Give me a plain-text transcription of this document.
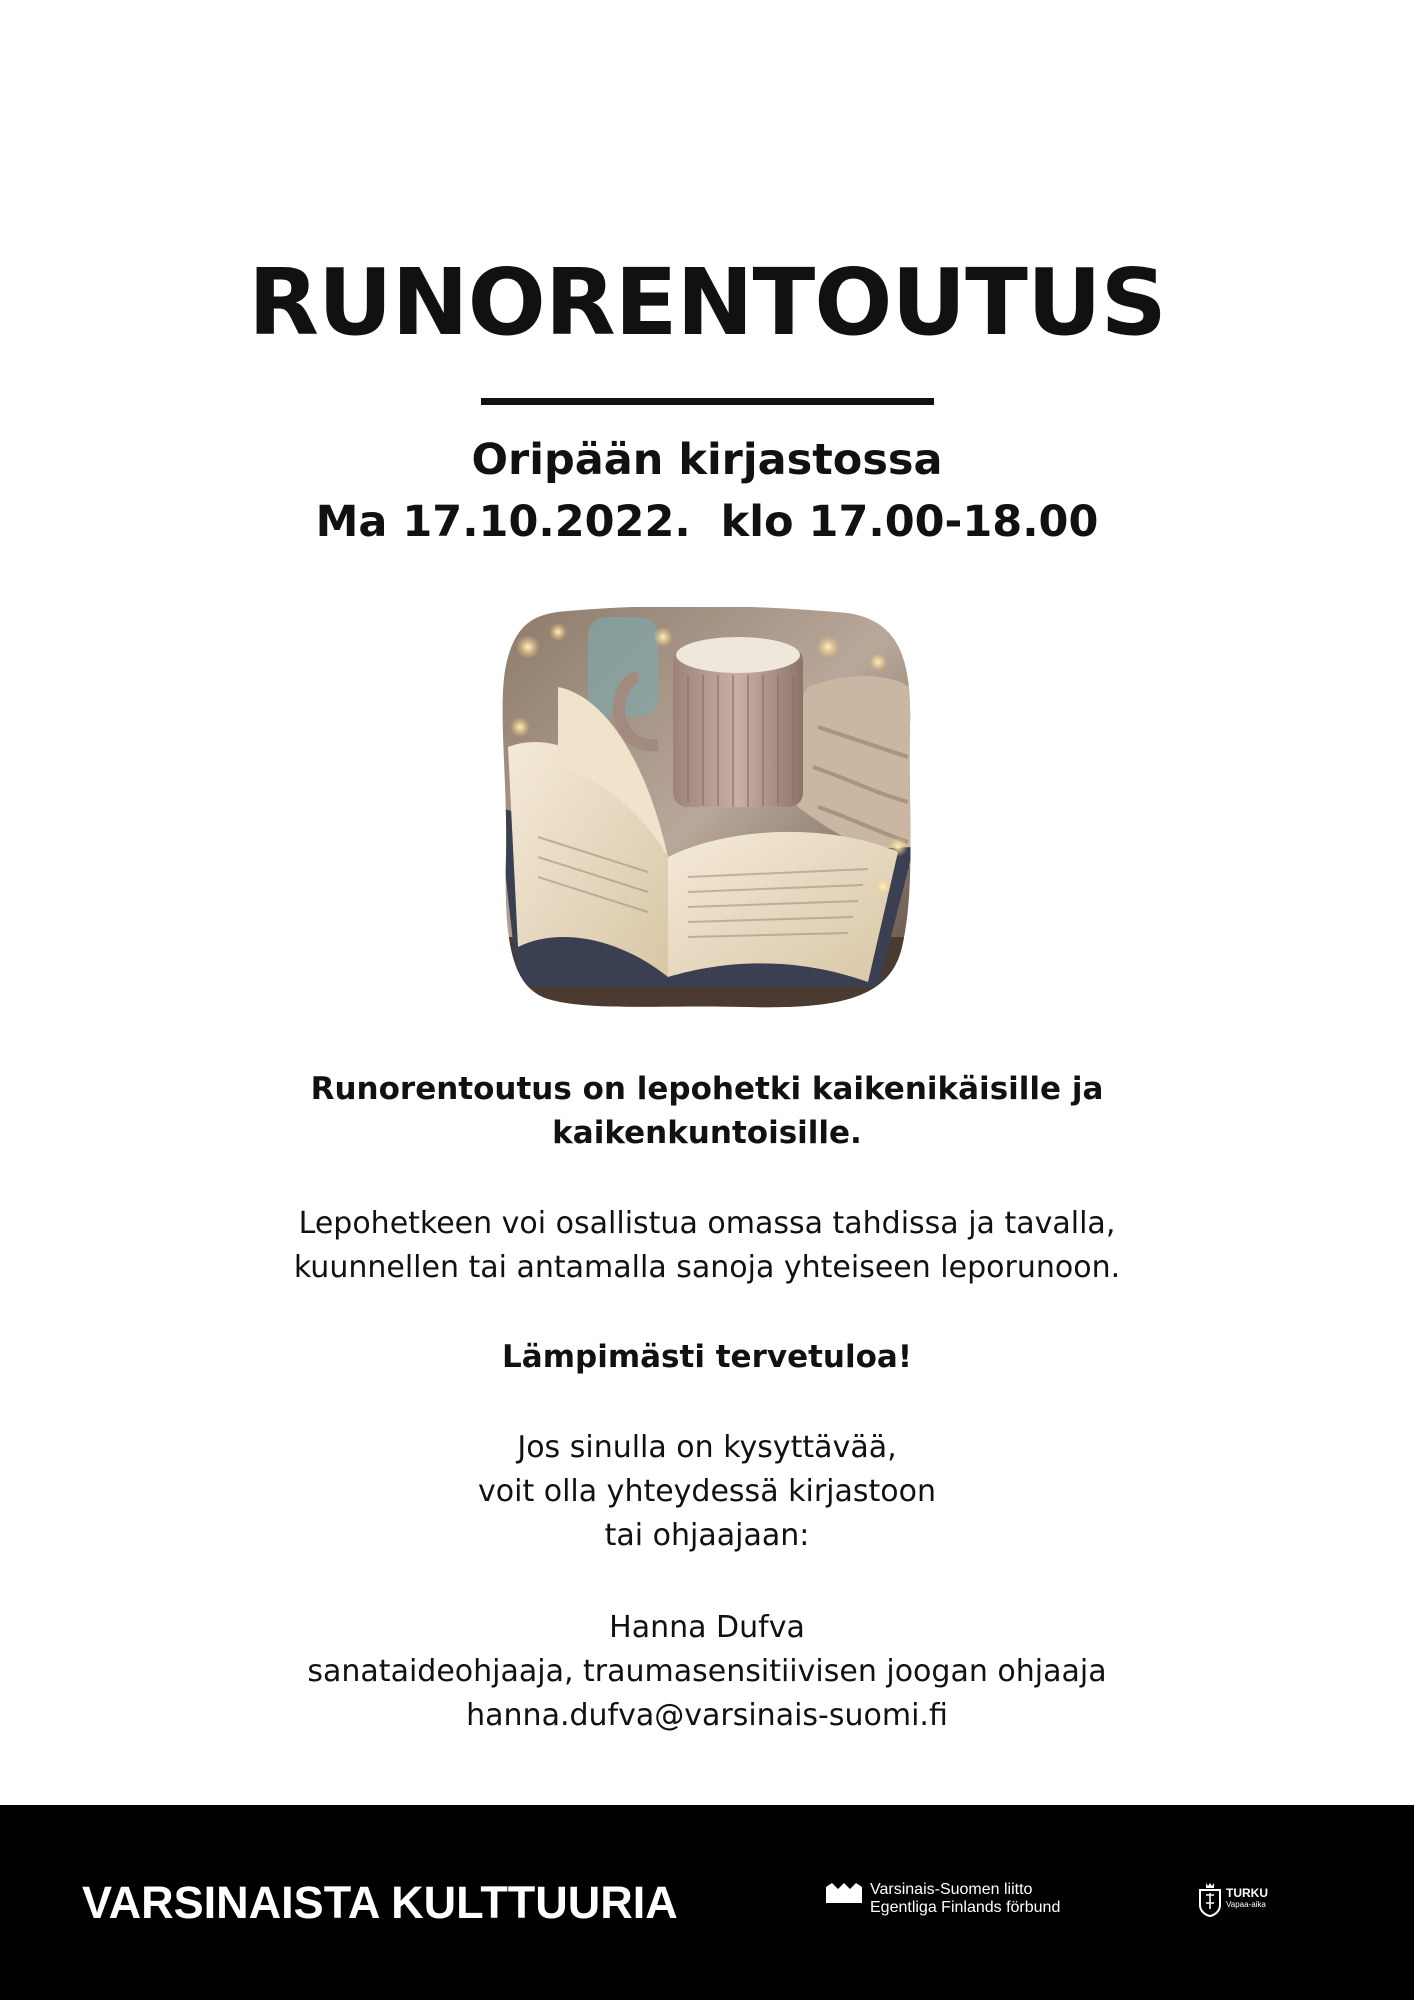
RUNORENTOUTUS
Oripään kirjastossa
Ma 17.10.2022.  klo 17.00-18.00
Runorentoutus on lepohetki kaikenikäisille ja
kaikenkuntoisille.
Lepohetkeen voi osallistua omassa tahdissa ja tavalla,
kuunnellen tai antamalla sanoja yhteiseen leporunoon.
Lämpimästi tervetuloa!
Jos sinulla on kysyttävää,
voit olla yhteydessä kirjastoon
tai ohjaajaan:
Hanna Dufva
sanataideohjaaja, traumasensitiivisen joogan ohjaaja
hanna.dufva@varsinais-suomi.fi
VARSINAISTA KULTTUURIA	Varsinais-Suomen liitto
Egentliga Finlands förbund
TURKU
Vapaa-aika
